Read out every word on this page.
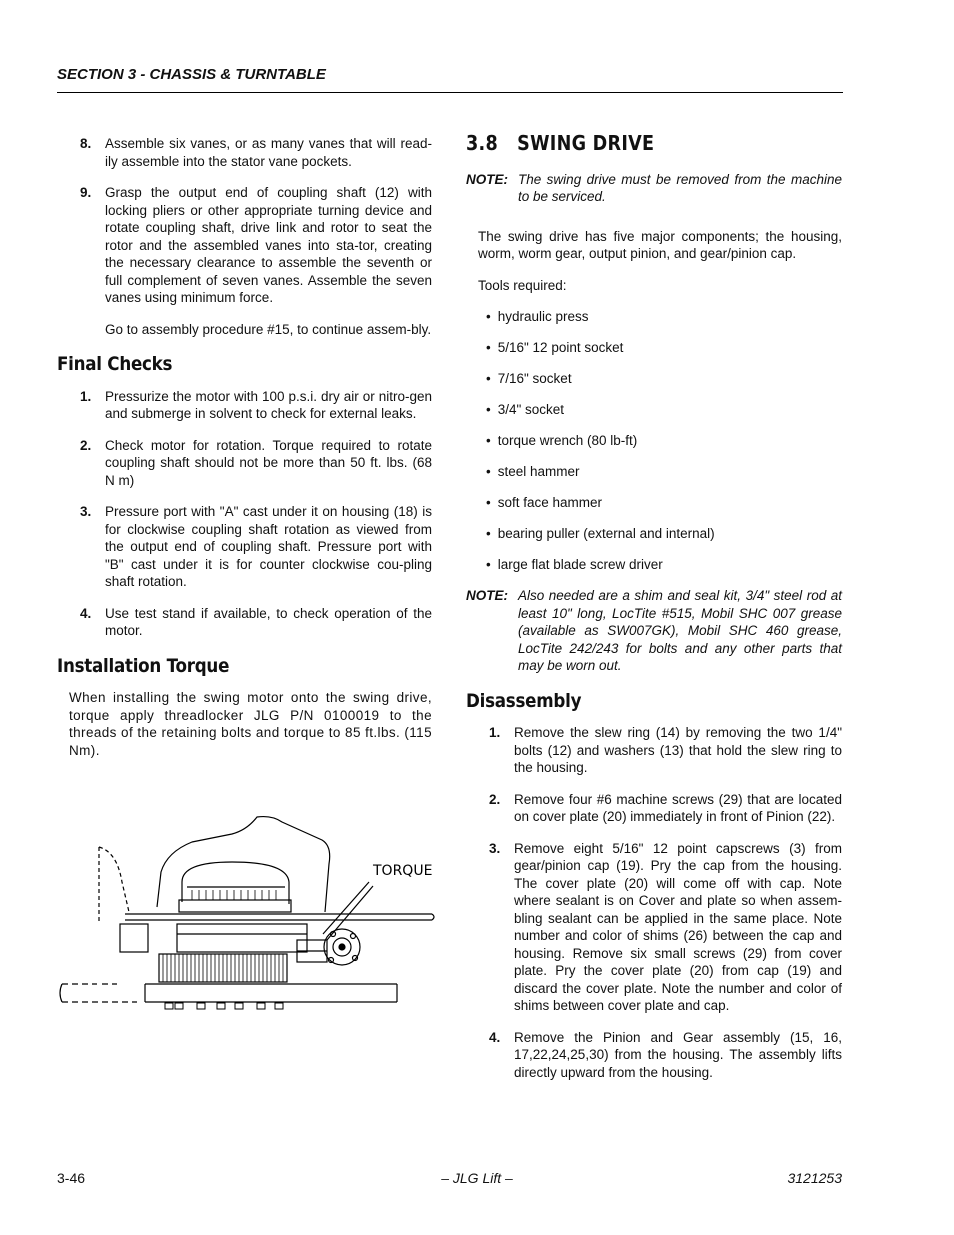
SECTION 3 - CHASSIS & TURNTABLE
8.	Assemble six vanes, or as many vanes that will read-ily assemble into the stator vane pockets.
9.	Grasp the output end of coupling shaft (12) with locking pliers or other appropriate turning device and rotate coupling shaft, drive link and rotor to seat the rotor and the assembled vanes into sta-tor, creating the necessary clearance to assemble the seventh or full complement of seven vanes. Assemble the seven vanes using minimum force.

Go to assembly procedure #15, to continue assem-bly.

Final Checks
1.	Pressurize the motor with 100 p.s.i. dry air or nitro-gen and submerge in solvent to check for external leaks.
2.	Check motor for rotation. Torque required to rotate coupling shaft should not be more than 50 ft. lbs. (68 N m)
3.	Pressure port with "A" cast under it on housing (18) is for clockwise coupling shaft rotation as viewed from the output end of coupling shaft. Pressure port with "B" cast under it is for counter clockwise cou-pling shaft rotation.
4.	Use test stand if available, to check operation of the motor.
Installation Torque

When installing the swing motor onto the swing drive, torque apply threadlocker JLG P/N 0100019 to the threads of the retaining bolts and torque to 85 ft.lbs. (115 Nm).

TORQUE
3.8   SWING DRIVE
NOTE: The swing drive must be removed from the machine to be serviced.

The swing drive has five major components; the housing, worm, worm gear, output pinion, and gear/pinion cap.

Tools required:

• hydraulic press
• 5/16" 12 point socket
• 7/16" socket
• 3/4" socket
• torque wrench (80 lb-ft)
• steel hammer
• soft face hammer
• bearing puller (external and internal)
• large flat blade screw driver
NOTE: Also needed are a shim and seal kit, 3/4" steel rod at least 10" long, LocTite #515, Mobil SHC 007 grease (available as SW007GK), Mobil SHC 460 grease, LocTite 242/243 for bolts and any other parts that may be worn out.
Disassembly
1.	Remove the slew ring (14) by removing the two 1/4" bolts (12) and washers (13) that hold the slew ring to the housing.
2.	Remove four #6 machine screws (29) that are located on cover plate (20) immediately in front of Pinion (22).
3.	Remove eight 5/16" 12 point capscrews (3) from gear/pinion cap (19). Pry the cap from the housing. The cover plate (20) will come off with cap. Note where sealant is on Cover and plate so when assem-bling sealant can be applied in the same place. Note number and color of shims (26) between the cap and housing. Remove six small screws (29) from cover plate. Pry the cover plate (20) from cap (19) and discard the cover plate. Note the number and color of shims between cover plate and cap.
4.	Remove the Pinion and Gear assembly (15, 16, 17,22,24,25,30) from the housing. The assembly lifts directly upward from the housing.
3-46	– JLG Lift –	3121253
